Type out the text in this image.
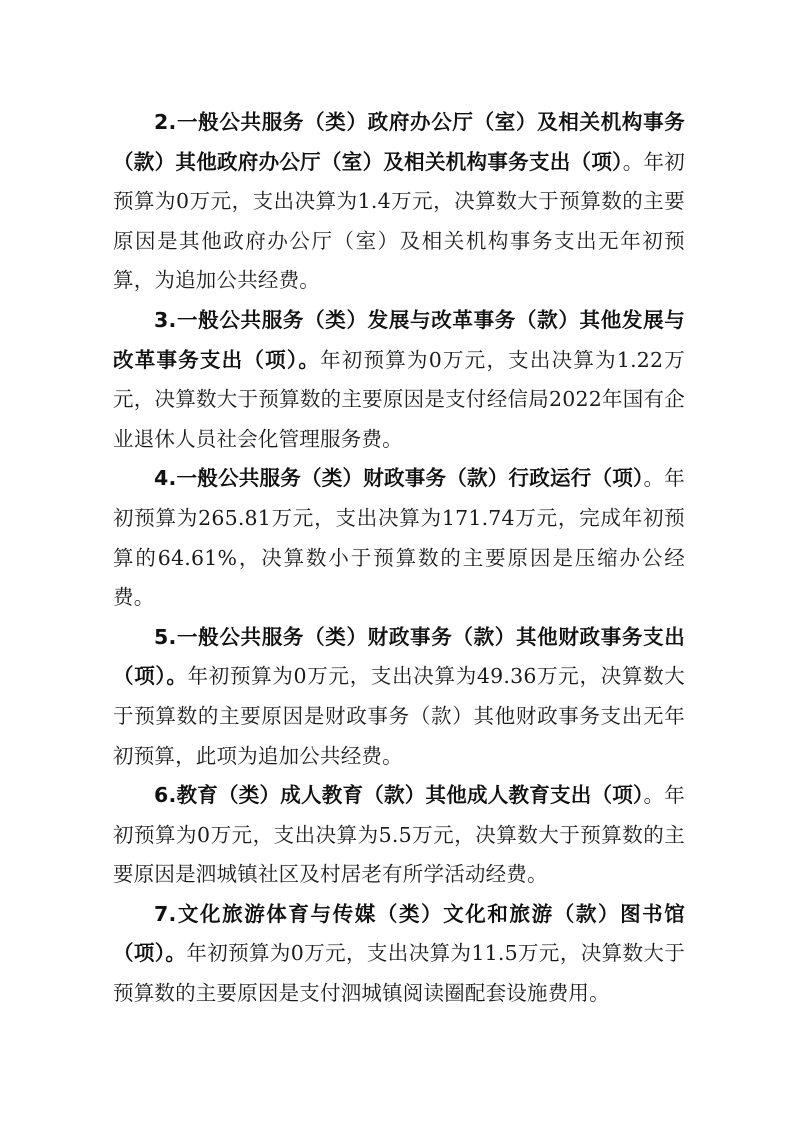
2.一般公共服务（类）政府办公厅（室）及相关机构事务（款）其他政府办公厅（室）及相关机构事务支出（项）。年初预算为0万元，支出决算为1.4万元，决算数大于预算数的主要原因是其他政府办公厅（室）及相关机构事务支出无年初预算，为追加公共经费。

3.一般公共服务（类）发展与改革事务（款）其他发展与改革事务支出（项）。年初预算为0万元，支出决算为1.22万元，决算数大于预算数的主要原因是支付经信局2022年国有企业退休人员社会化管理服务费。

4.一般公共服务（类）财政事务（款）行政运行（项）。年初预算为265.81万元，支出决算为171.74万元，完成年初预算的64.61%，决算数小于预算数的主要原因是压缩办公经费。

5.一般公共服务（类）财政事务（款）其他财政事务支出（项）。年初预算为0万元，支出决算为49.36万元，决算数大于预算数的主要原因是财政事务（款）其他财政事务支出无年初预算，此项为追加公共经费。

6.教育（类）成人教育（款）其他成人教育支出（项）。年初预算为0万元，支出决算为5.5万元，决算数大于预算数的主要原因是泗城镇社区及村居老有所学活动经费。

7.文化旅游体育与传媒（类）文化和旅游（款）图书馆（项）。年初预算为0万元，支出决算为11.5万元，决算数大于预算数的主要原因是支付泗城镇阅读圈配套设施费用。
